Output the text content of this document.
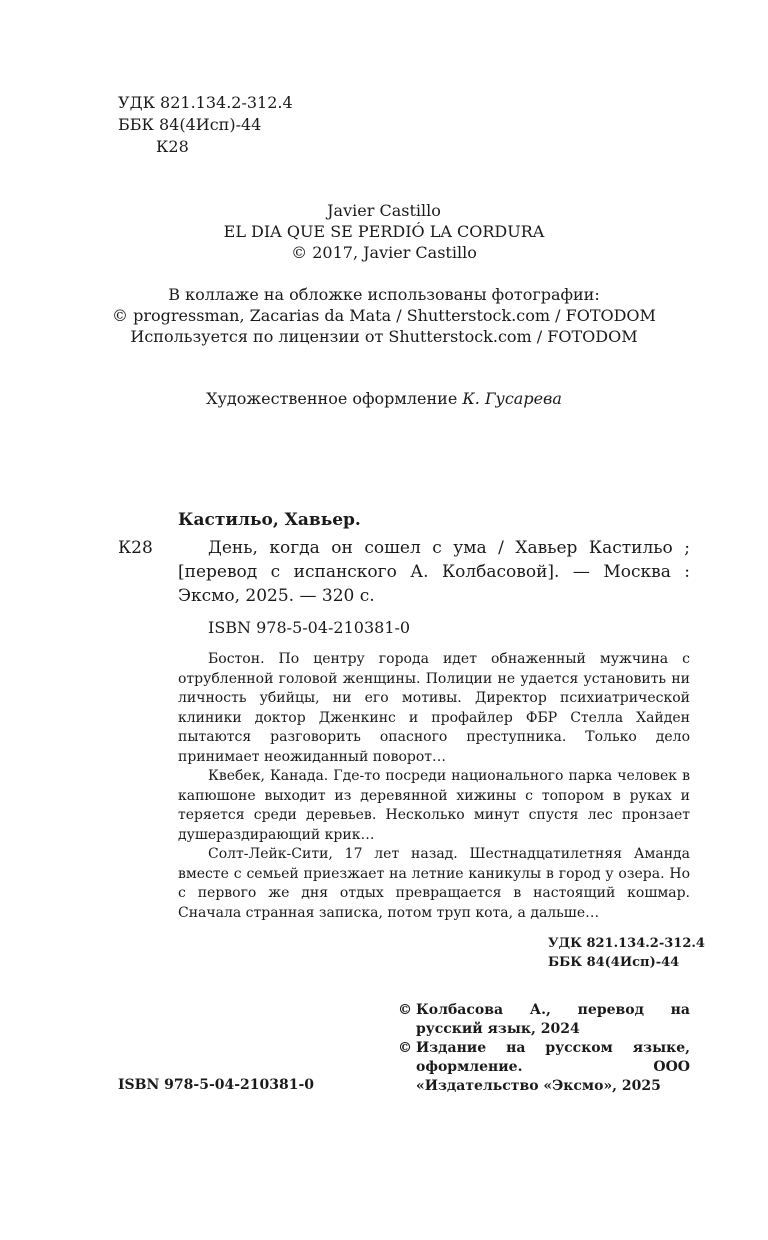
УДК 821.134.2-312.4
ББК 84(4Исп)-44
К28
Javier Castillo
EL DIA QUE SE PERDIÓ LA CORDURA
© 2017, Javier Castillo
В коллаже на обложке использованы фотографии:
© progressman, Zacarias da Mata / Shutterstock.com / FOTODOM
Используется по лицензии от Shutterstock.com / FOTODOM
Художественное оформление К. Гусарева
Кастильо, Хавьер.
К28	День, когда он сошел с ума / Хавьер Кастильо ; [перевод с испанского А. Колбасовой]. — Москва : Эксмо, 2025. — 320 с.
ISBN 978-5-04-210381-0

Бостон. По центру города идет обнаженный мужчина с отрубленной головой женщины. Полиции не удается установить ни личность убийцы, ни его мотивы. Директор психиатрической клиники доктор Дженкинс и профайлер ФБР Стелла Хайден пытаются разговорить опасного преступника. Только дело принимает неожиданный поворот…

Квебек, Канада. Где-то посреди национального парка человек в капюшоне выходит из деревянной хижины с топором в руках и теряется среди деревьев. Несколько минут спустя лес пронзает душераздирающий крик…

Солт-Лейк-Сити, 17 лет назад. Шестнадцатилетняя Аманда вместе с семьей приезжает на летние каникулы в город у озера. Но с первого же дня отдых превращается в настоящий кошмар. Сначала странная записка, потом труп кота, а дальше…

УДК 821.134.2-312.4
ББК 84(4Исп)-44
© Колбасова А., перевод на русский язык, 2024
© Издание на русском языке, оформление. ООО «Издательство «Эксмо», 2025
ISBN 978-5-04-210381-0
